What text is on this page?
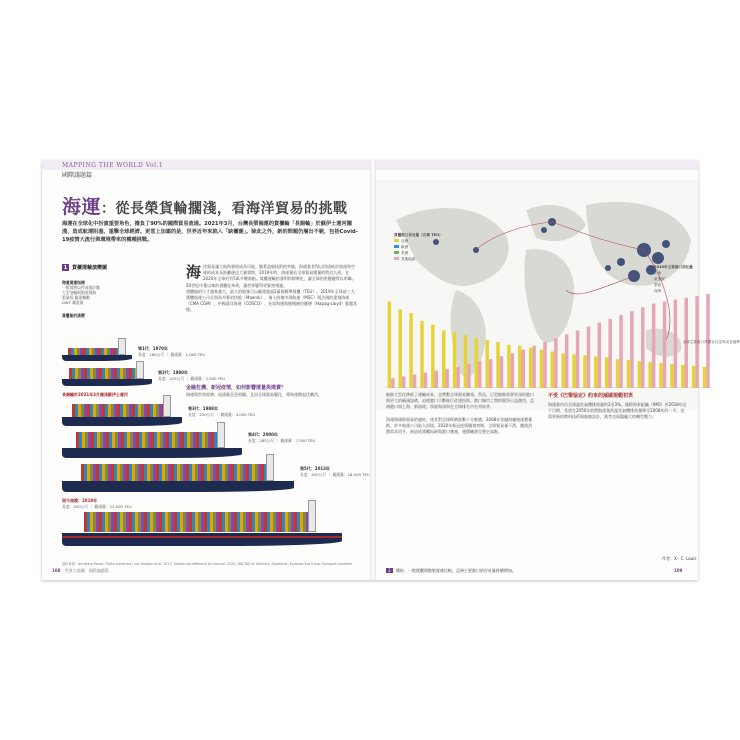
MAPPING THE WORLD Vol.1
國際議題篇
海運：從長榮貨輪擱淺，看海洋貿易的挑戰
海運在全球化中扮演重要角色，擔負了90%的國際貿易流通。2021年3月，台灣長榮海運的貨櫃輪「長賜輪」於蘇伊士運河擱淺，造成航運阻塞，重擊全球經濟。更雪上加霜的是，世界近年來陷入「缺櫃潮」。除此之外，新的問題仍層出不窮，包括Covid-19疫情大流行與環境帶來的種種挑戰。
1 貨櫃運輸演變圖
海運貨運指標
一般貨物以件或個計數
大型油輪與散裝貨船
重量級 載重噸數
DWT 載重量
貨櫃船的演變
第1代：1970年
長度：180公尺 ｜ 載運量：1,000 TEU
第2代：1980年
長度：215公尺 ｜ 載運量：2,500 TEU
長賜輪於2021年3月擱淺蘇伊士運河
第3代：1988年
長度：250公尺 ｜ 載運量：4,000 TEU
第4代：2000年
長度：285公尺 ｜ 載運量：7,500 TEU
第5代：2013年
長度：400公尺 ｜ 載運量：18,000 TEU
現今規模：2019年
長度：400公尺 ｜ 載運量：23,000 TEU
海洋貿易讓大航海發展成為可能。隨著造船技術的突破，海運業者得以用遠低於陸運和空運的成本長距離運送大量貨物。2019年時，海運量佔全球貿易總量的將近九成，在2020年全球約有5萬多艘商船。貨櫃運輸的發明和標準化，讓全球的供應鏈得以串聯。20世紀中葉以來的貨櫃化革命，讓世界變得更緊密相連。
貨櫃船的尺寸越來越大，最大的船隻可以載運超過2萬個標準貨櫃（TEU）。2019年全球前三大貨櫃航運公司分別為丹麥的快桅（Maersk）、瑞士的地中海航運（MSC）與法國的達飛海運（CMA CGM），中國遠洋海運（COSCO）、長榮海運與德國赫伯羅德（Hapag-Lloyd）緊隨其後。
金融危機、新冠疫情，如何影響運量與運費？
海運與世界經濟、流通量息息相關，且因全球貿易變化，導致運價起伏劇烈。
資料來源：Armateur Perrot, Flotte conteneur; von Hoegen et al. 2017; Tableau de référence du marché, 2020; UNCTAD et Urbinary; Alphaliner; Eurostat-Sud Europ Transport maritime
108 世界大地圖：國際議題篇
貨櫃港口吞吐量（百萬 TEU）
亞洲
歐洲
美洲
其他地區
2019年主要港口吞吐量
上海
新加坡
寧波
深圳
全球主要港口貨櫃吞吐量與成長趨勢
船舶大型化降低了運輸成本，也帶動全球貿易擴張。然而，巨型船舶需要更深的港口與更大的碼頭設備，迫使港口不斷進行改建投資。港口城市之間的競爭日益激烈，亞洲港口如上海、新加坡、寧波與深圳在全球排名中名列前茅。

海運與國際貿易的連結，使其對全球經濟波動十分敏感。2008年金融海嘯後運費暴跌，許多航運公司陷入困境。2020年新冠疫情爆發初期，全球貿易量下滑，隨後消費需求回升，卻造成貨櫃短缺與港口壅塞，運價飆漲至歷史高點。
不受《巴黎協定》約束的減碳規範初衷
海運業約佔全球溫室氣體排放量的2至3%。國際海事組織（IMO）於2018年訂下目標，希望在2050年前將航運業的溫室氣體排放量降至2008年的一半。這需要新的燃料技術與船舶設計，業者也面臨龐大的轉型壓力。
作者：X・C. Louis
3 總結：一般貨櫃與散裝貨運比較，亞洲主要港口的吞吐量持續增加。	109
